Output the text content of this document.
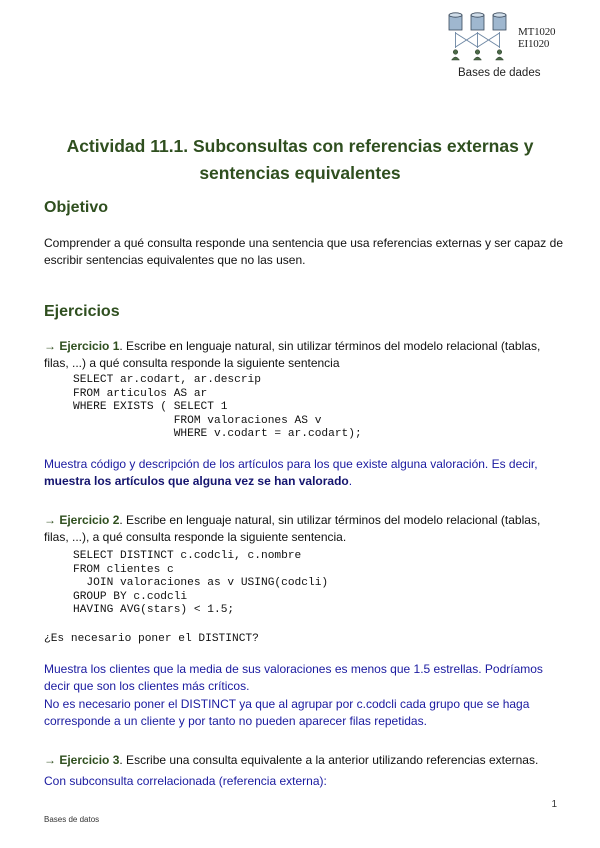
MT1020
EI1020
Bases de dades
Actividad 11.1. Subconsultas con referencias externas y
sentencias equivalentes
Objetivo

Comprender a qué consulta responde una sentencia que usa referencias externas y ser capaz de escribir sentencias equivalentes que no las usen.

Ejercicios

→ Ejercicio 1. Escribe en lenguaje natural, sin utilizar términos del modelo relacional (tablas, filas, ...) a qué consulta responde la siguiente sentencia

SELECT ar.codart, ar.descrip
FROM articulos AS ar
WHERE EXISTS ( SELECT 1
FROM valoraciones AS v
WHERE v.codart = ar.codart);

Muestra código y descripción de los artículos para los que existe alguna valoración. Es decir, muestra los artículos que alguna vez se han valorado.

→ Ejercicio 2. Escribe en lenguaje natural, sin utilizar términos del modelo relacional (tablas, filas, ...), a qué consulta responde la siguiente sentencia.

SELECT DISTINCT c.codcli, c.nombre
FROM clientes c
JOIN valoraciones as v USING(codcli)
GROUP BY c.codcli
HAVING AVG(stars) < 1.5;

¿Es necesario poner el DISTINCT?

Muestra los clientes que la media de sus valoraciones es menos que 1.5 estrellas. Podríamos decir que son los clientes más críticos.

No es necesario poner el DISTINCT ya que al agrupar por c.codcli cada grupo que se haga corresponde a un cliente y por tanto no pueden aparecer filas repetidas.

→ Ejercicio 3. Escribe una consulta equivalente a la anterior utilizando referencias externas.

Con subconsulta correlacionada (referencia externa):

1
Bases de datos
